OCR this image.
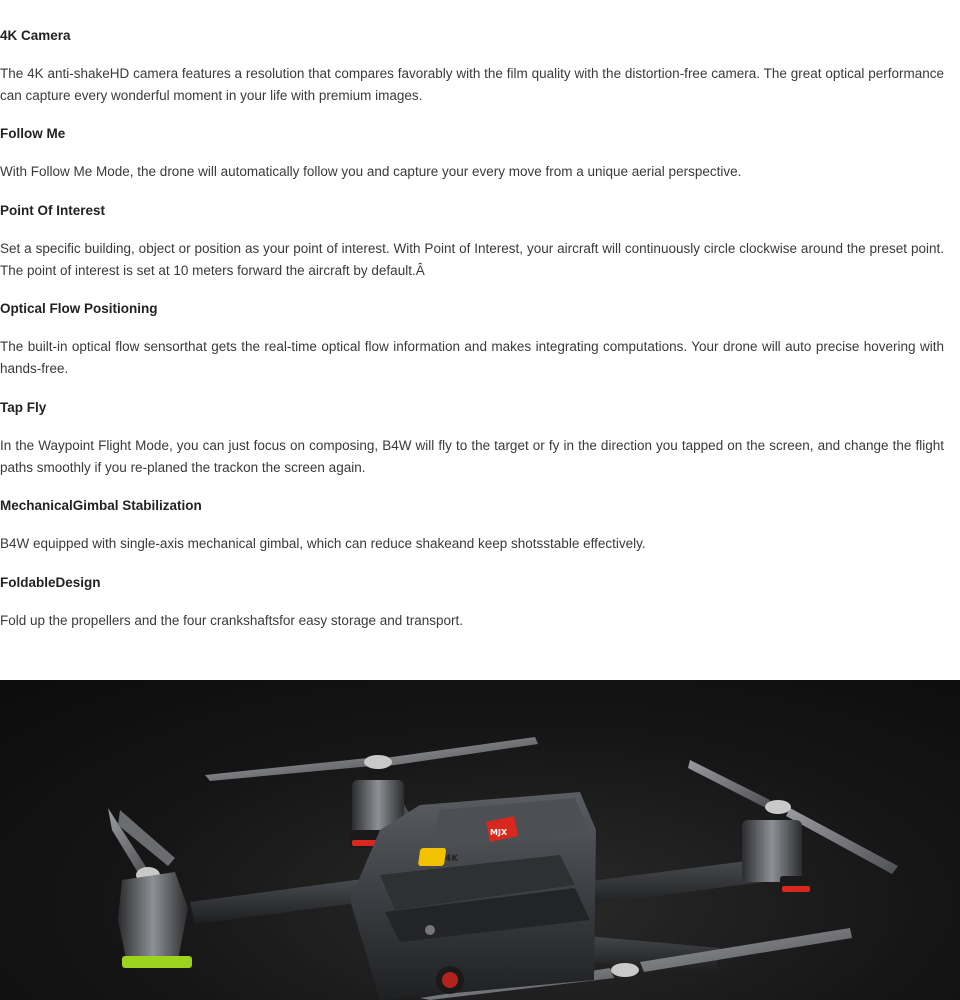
4K Camera
The 4K anti-shakeHD camera features a resolution that compares favorably with the film quality with the distortion-free camera. The great optical performance can capture every wonderful moment in your life with premium images.
Follow Me
With Follow Me Mode, the drone will automatically follow you and capture your every move from a unique aerial perspective.
Point Of Interest
Set a specific building, object or position as your point of interest. With Point of Interest, your aircraft will continuously circle clockwise around the preset point. The point of interest is set at 10 meters forward the aircraft by default.Â
Optical Flow Positioning
The built-in optical flow sensorthat gets the real-time optical flow information and makes integrating computations. Your drone will auto precise hovering with hands-free.
Tap Fly
In the Waypoint Flight Mode, you can just focus on composing, B4W will fly to the target or fy in the direction you tapped on the screen, and change the flight paths smoothly if you re-planed the trackon the screen again.
MechanicalGimbal Stabilization
B4W equipped with single-axis mechanical gimbal, which can reduce shakeand keep shotsstable effectively.
FoldableDesign
Fold up the propellers and the four crankshaftsfor easy storage and transport.
MJX
4K
